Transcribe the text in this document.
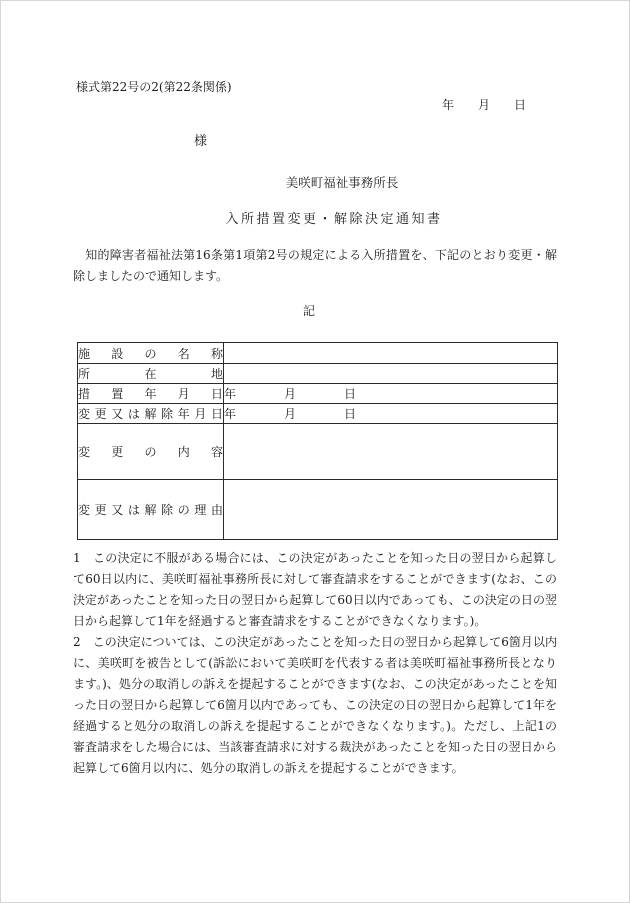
様式第22号の2(第22条関係)
年　　月　　日
様
美咲町福祉事務所長
入所措置変更・解除決定通知書

　知的障害者福祉法第16条第1項第2号の規定による入所措置を、下記のとおり変更・解除しましたので通知します。

記
施設の名称	
所在地	
措置年月日	年　　　　月　　　　日
変更又は解除年月日	年　　　　月　　　　日
変更の内容	
変更又は解除の理由	

1　この決定に不服がある場合には、この決定があったことを知った日の翌日から起算して60日以内に、美咲町福祉事務所長に対して審査請求をすることができます(なお、この決定があったことを知った日の翌日から起算して60日以内であっても、この決定の日の翌日から起算して1年を経過すると審査請求をすることができなくなります。)。

2　この決定については、この決定があったことを知った日の翌日から起算して6箇月以内に、美咲町を被告として(訴訟において美咲町を代表する者は美咲町福祉事務所長となります。)、処分の取消しの訴えを提起することができます(なお、この決定があったことを知った日の翌日から起算して6箇月以内であっても、この決定の日の翌日から起算して1年を経過すると処分の取消しの訴えを提起することができなくなります。)。ただし、上記1の審査請求をした場合には、当該審査請求に対する裁決があったことを知った日の翌日から起算して6箇月以内に、処分の取消しの訴えを提起することができます。
